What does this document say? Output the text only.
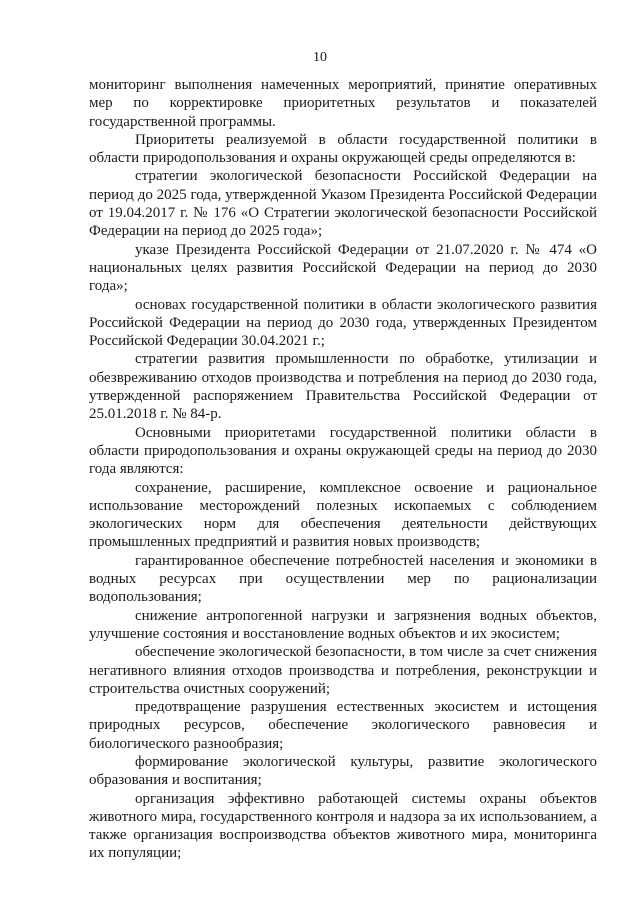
10

мониторинг выполнения намеченных мероприятий, принятие оперативных мер по корректировке приоритетных результатов и показателей государственной программы.

Приоритеты реализуемой в области государственной политики в области природопользования и охраны окружающей среды определяются в:

стратегии экологической безопасности Российской Федерации на период до 2025 года, утвержденной Указом Президента Российской Федерации от 19.04.2017 г. № 176 «О Стратегии экологической безопасности Российской Федерации на период до 2025 года»;

указе Президента Российской Федерации от 21.07.2020 г. № 474 «О национальных целях развития Российской Федерации на период до 2030 года»;

основах государственной политики в области экологического развития Российской Федерации на период до 2030 года, утвержденных Президентом Российской Федерации 30.04.2021 г.;

стратегии развития промышленности по обработке, утилизации и обезвреживанию отходов производства и потребления на период до 2030 года, утвержденной распоряжением Правительства Российской Федерации от 25.01.2018 г. № 84-р.

Основными приоритетами государственной политики области в области природопользования и охраны окружающей среды на период до 2030 года являются:

сохранение, расширение, комплексное освоение и рациональное использование месторождений полезных ископаемых с соблюдением экологических норм для обеспечения деятельности действующих промышленных предприятий и развития новых производств;

гарантированное обеспечение потребностей населения и экономики в водных ресурсах при осуществлении мер по рационализации водопользования;

снижение антропогенной нагрузки и загрязнения водных объектов, улучшение состояния и восстановление водных объектов и их экосистем;

обеспечение экологической безопасности, в том числе за счет снижения негативного влияния отходов производства и потребления, реконструкции и строительства очистных сооружений;

предотвращение разрушения естественных экосистем и истощения природных ресурсов, обеспечение экологического равновесия и биологического разнообразия;

формирование экологической культуры, развитие экологического образования и воспитания;

организация эффективно работающей системы охраны объектов животного мира, государственного контроля и надзора за их использованием, а также организация воспроизводства объектов животного мира, мониторинга их популяции;
